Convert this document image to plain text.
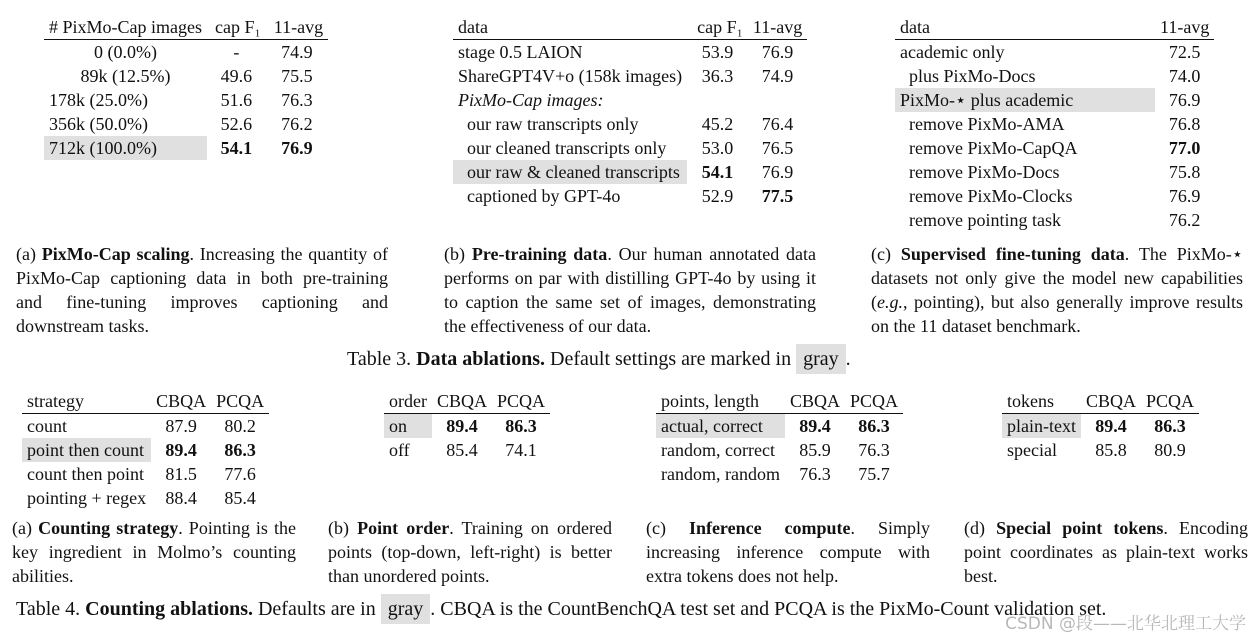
# PixMo-Cap images	cap F₁	11-avg
0 (0.0%)	-	74.9
89k (12.5%)	49.6	75.5
178k (25.0%)	51.6	76.3
356k (50.0%)	52.6	76.2
712k (100.0%)	54.1	76.9
(a) PixMo-Cap scaling. Increasing the quantity of PixMo-Cap captioning data in both pre-training and fine-tuning improves captioning and downstream tasks.
data	cap F₁	11-avg
stage 0.5 LAION	53.9	76.9
ShareGPT4V+o (158k images)	36.3	74.9
PixMo-Cap images:		
our raw transcripts only	45.2	76.4
our cleaned transcripts only	53.0	76.5
our raw & cleaned transcripts	54.1	76.9
captioned by GPT-4o	52.9	77.5
(b) Pre-training data. Our human annotated data performs on par with distilling GPT-4o by using it to caption the same set of images, demonstrating the effectiveness of our data.
data	11-avg
academic only	72.5
plus PixMo-Docs	74.0
PixMo-⋆ plus academic	76.9
remove PixMo-AMA	76.8
remove PixMo-CapQA	77.0
remove PixMo-Docs	75.8
remove PixMo-Clocks	76.9
remove pointing task	76.2
(c) Supervised fine-tuning data. The PixMo-⋆ datasets not only give the model new capabilities (e.g., pointing), but also generally improve results on the 11 dataset benchmark.
Table 3. Data ablations. Default settings are marked in gray .
strategy	CBQA	PCQA
count	87.9	80.2
point then count	89.4	86.3
count then point	81.5	77.6
pointing + regex	88.4	85.4
(a) Counting strategy. Pointing is the key ingredient in Molmo’s counting abilities.
order	CBQA	PCQA
on	89.4	86.3
off	85.4	74.1
(b) Point order. Training on ordered points (top-down, left-right) is better than unordered points.
points, length	CBQA	PCQA
actual, correct	89.4	86.3
random, correct	85.9	76.3
random, random	76.3	75.7
(c) Inference compute. Simply increasing inference compute with extra tokens does not help.
tokens	CBQA	PCQA
plain-text	89.4	86.3
special	85.8	80.9
(d) Special point tokens. Encoding point coordinates as plain-text works best.
Table 4. Counting ablations. Defaults are in gray . CBQA is the CountBenchQA test set and PCQA is the PixMo-Count validation set.
CSDN @段——北华北理工大学
